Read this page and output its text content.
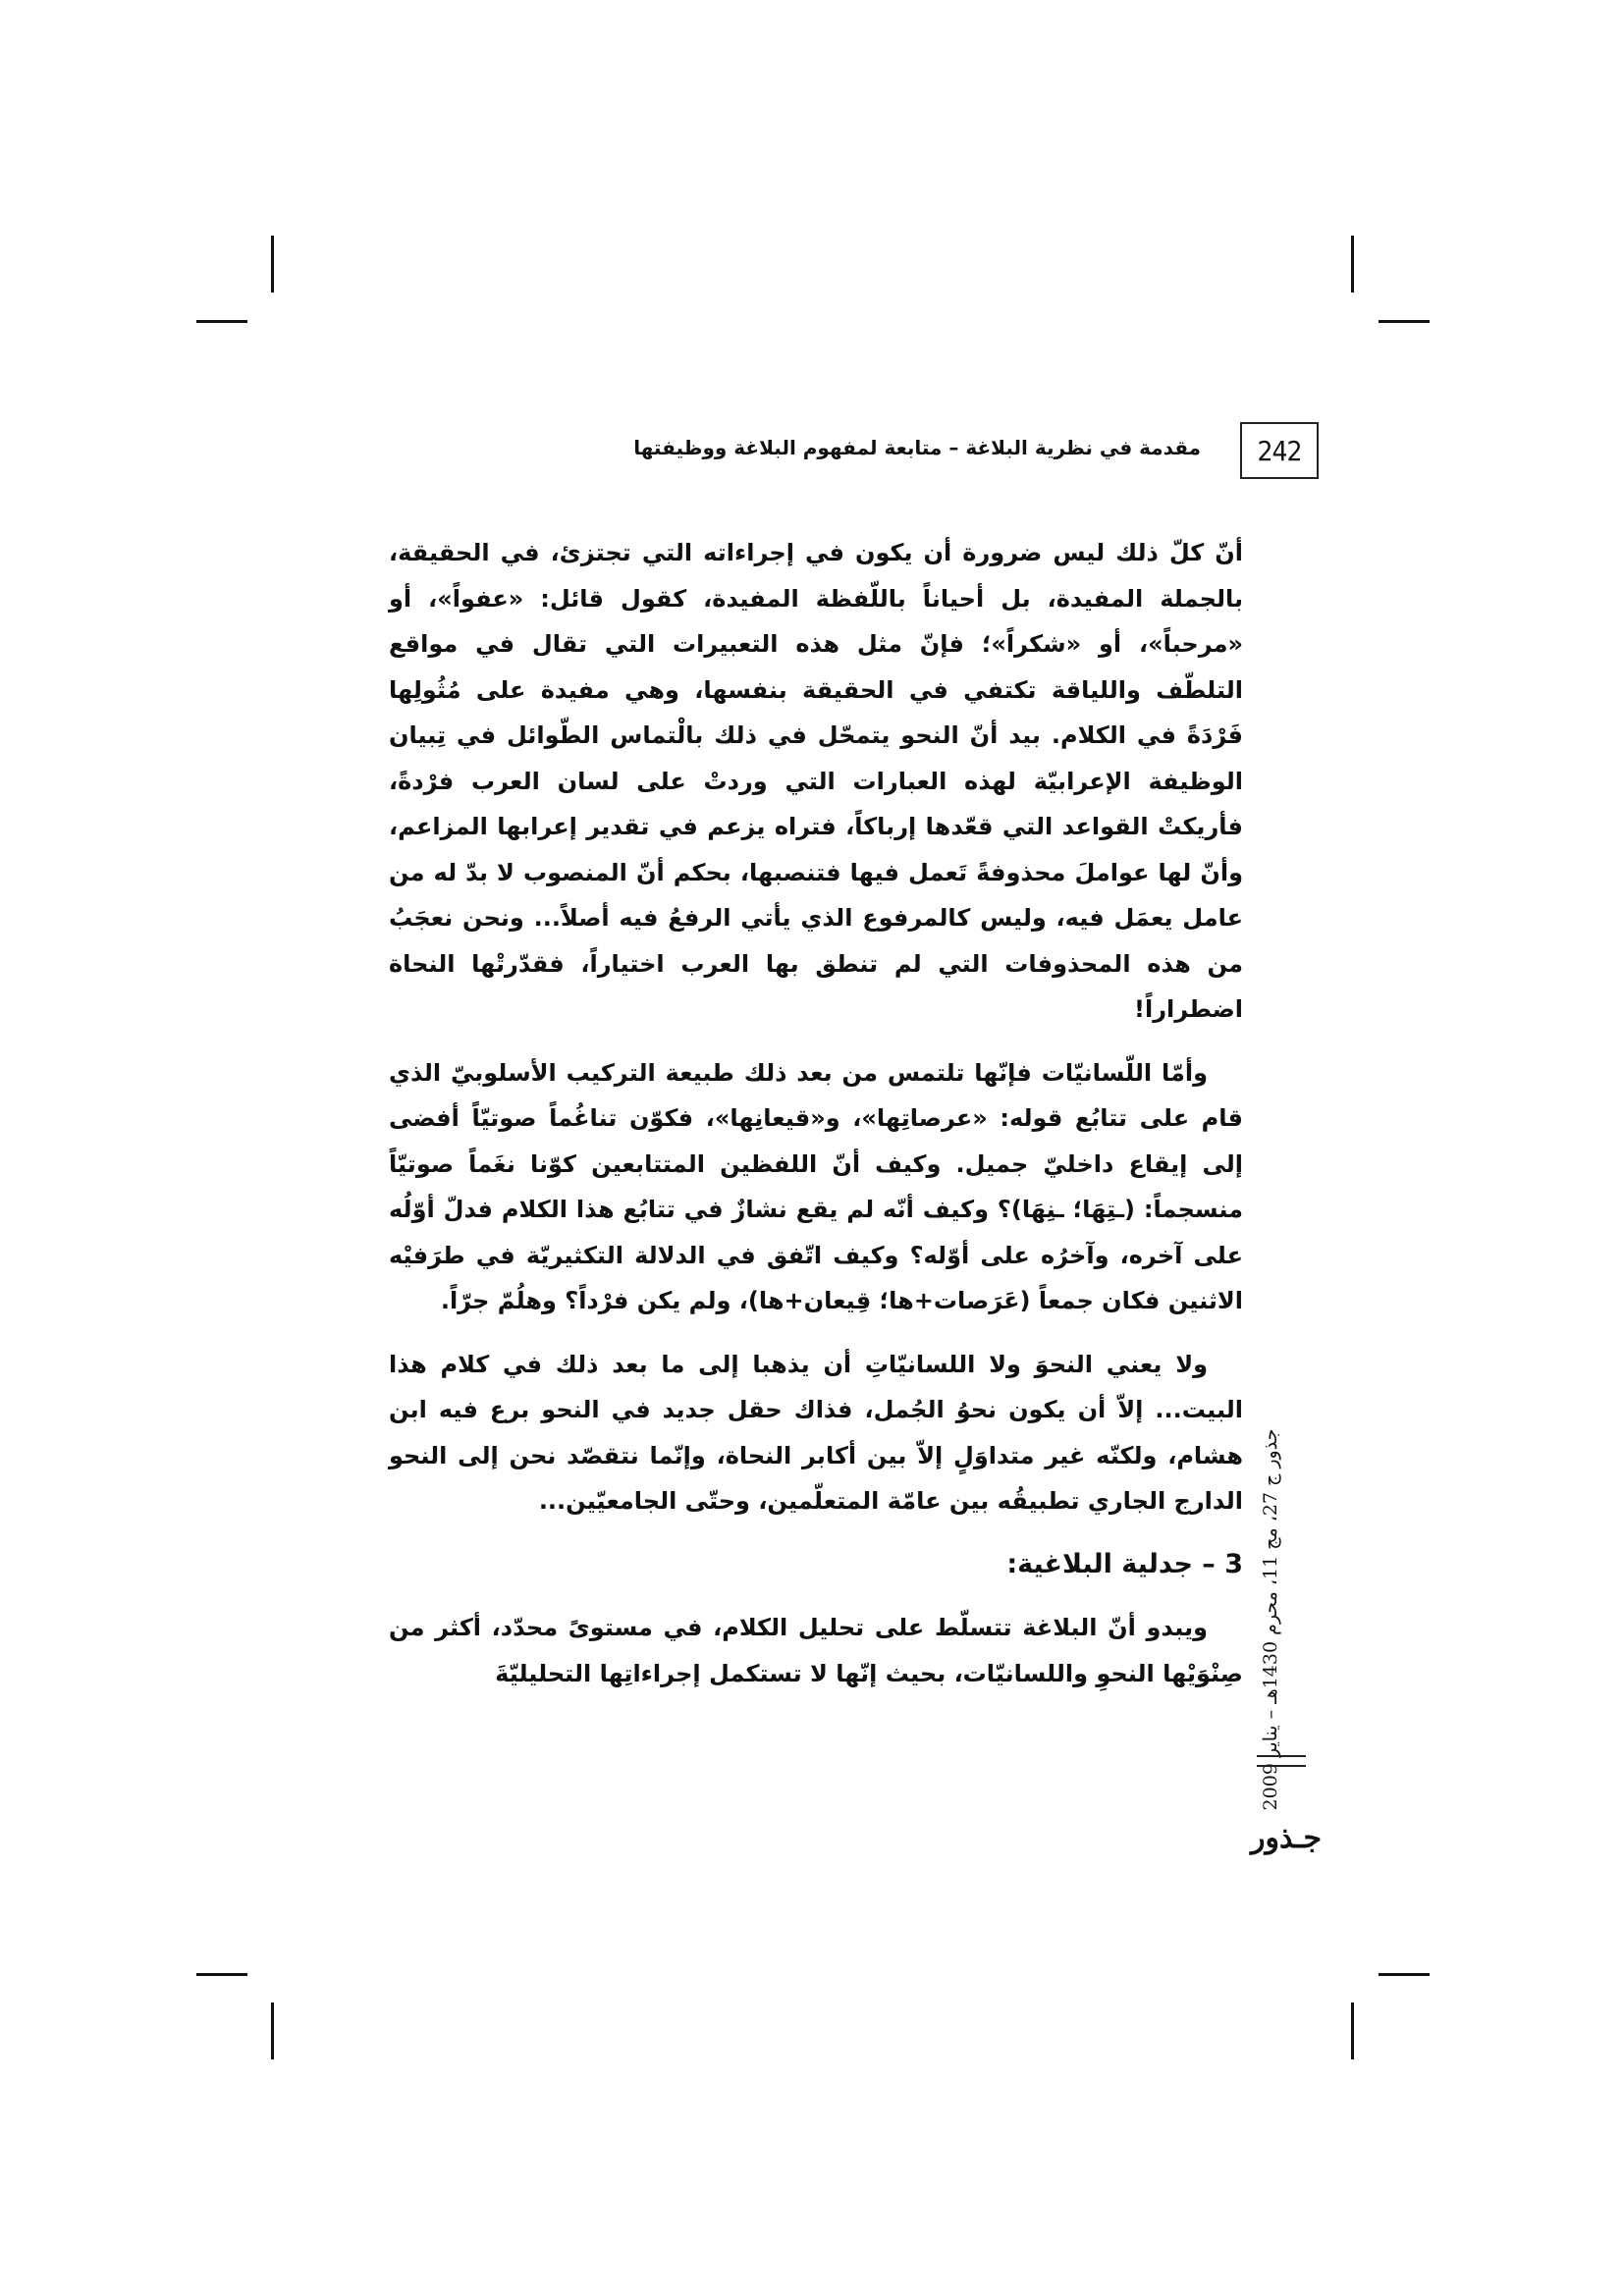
242
مقدمة في نظرية البلاغة – متابعة لمفهوم البلاغة ووظيفتها

أنّ كلّ ذلك ليس ضرورة أن يكون في إجراءاته التي تجتزئ، في الحقيقة، بالجملة المفيدة، بل أحياناً باللّفظة المفيدة، كقول قائل: «عفواً»، أو «مرحباً»، أو «شكراً»؛ فإنّ مثل هذه التعبيرات التي تقال في مواقع التلطّف واللياقة تكتفي في الحقيقة بنفسها، وهي مفيدة على مُثُولِها فَرْدَةً في الكلام. بيد أنّ النحو يتمحّل في ذلك بالْتماس الطّوائل في تِبيان الوظيفة الإعرابيّة لهذه العبارات التي وردتْ على لسان العرب فرْدةً، فأريكتْ القواعد التي قعّدها إرباكاً، فتراه يزعم في تقدير إعرابها المزاعم، وأنّ لها عواملَ محذوفةً تَعمل فيها فتنصبها، بحكم أنّ المنصوب لا بدّ له من عامل يعمَل فيه، وليس كالمرفوع الذي يأتي الرفعُ فيه أصلاً... ونحن نعجَبُ من هذه المحذوفات التي لم تنطق بها العرب اختياراً، فقدّرتْها النحاة اضطراراً!

وأمّا اللّسانيّات فإنّها تلتمس من بعد ذلك طبيعة التركيب الأسلوبيّ الذي قام على تتابُع قوله: «عرصاتِها»، و«قيعانِها»، فكوّن تناغُماً صوتيّاً أفضى إلى إيقاع داخليّ جميل. وكيف أنّ اللفظين المتتابعين كوّنا نغَماً صوتيّاً منسجماً: (ـتِهَا؛ ـنِهَا)؟ وكيف أنّه لم يقع نشازٌ في تتابُع هذا الكلام فدلّ أوّلُه على آخره، وآخرُه على أوّله؟ وكيف اتّفق في الدلالة التكثيريّة في طرَفيْه الاثنين فكان جمعاً (عَرَصات+ها؛ قِيعان+ها)، ولم يكن فرْداً؟ وهلُمّ جرّاً.

ولا يعني النحوَ ولا اللسانيّاتِ أن يذهبا إلى ما بعد ذلك في كلام هذا البيت... إلاّ أن يكون نحوُ الجُمل، فذاك حقل جديد في النحو برع فيه ابن هشام، ولكنّه غير متداوَلٍ إلاّ بين أكابر النحاة، وإنّما نتقصّد نحن إلى النحو الدارج الجاري تطبيقُه بين عامّة المتعلّمين، وحتّى الجامعيّين...

3 – جدلية البلاغية:

ويبدو أنّ البلاغة تتسلّط على تحليل الكلام، في مستوىً محدّد، أكثر من صِنْوَيْها النحوِ واللسانيّات، بحيث إنّها لا تستكمل إجراءاتِها التحليليّةَ

جذور ج 27، مج 11، محرم 1430هـ – يناير 2009
جـذور
